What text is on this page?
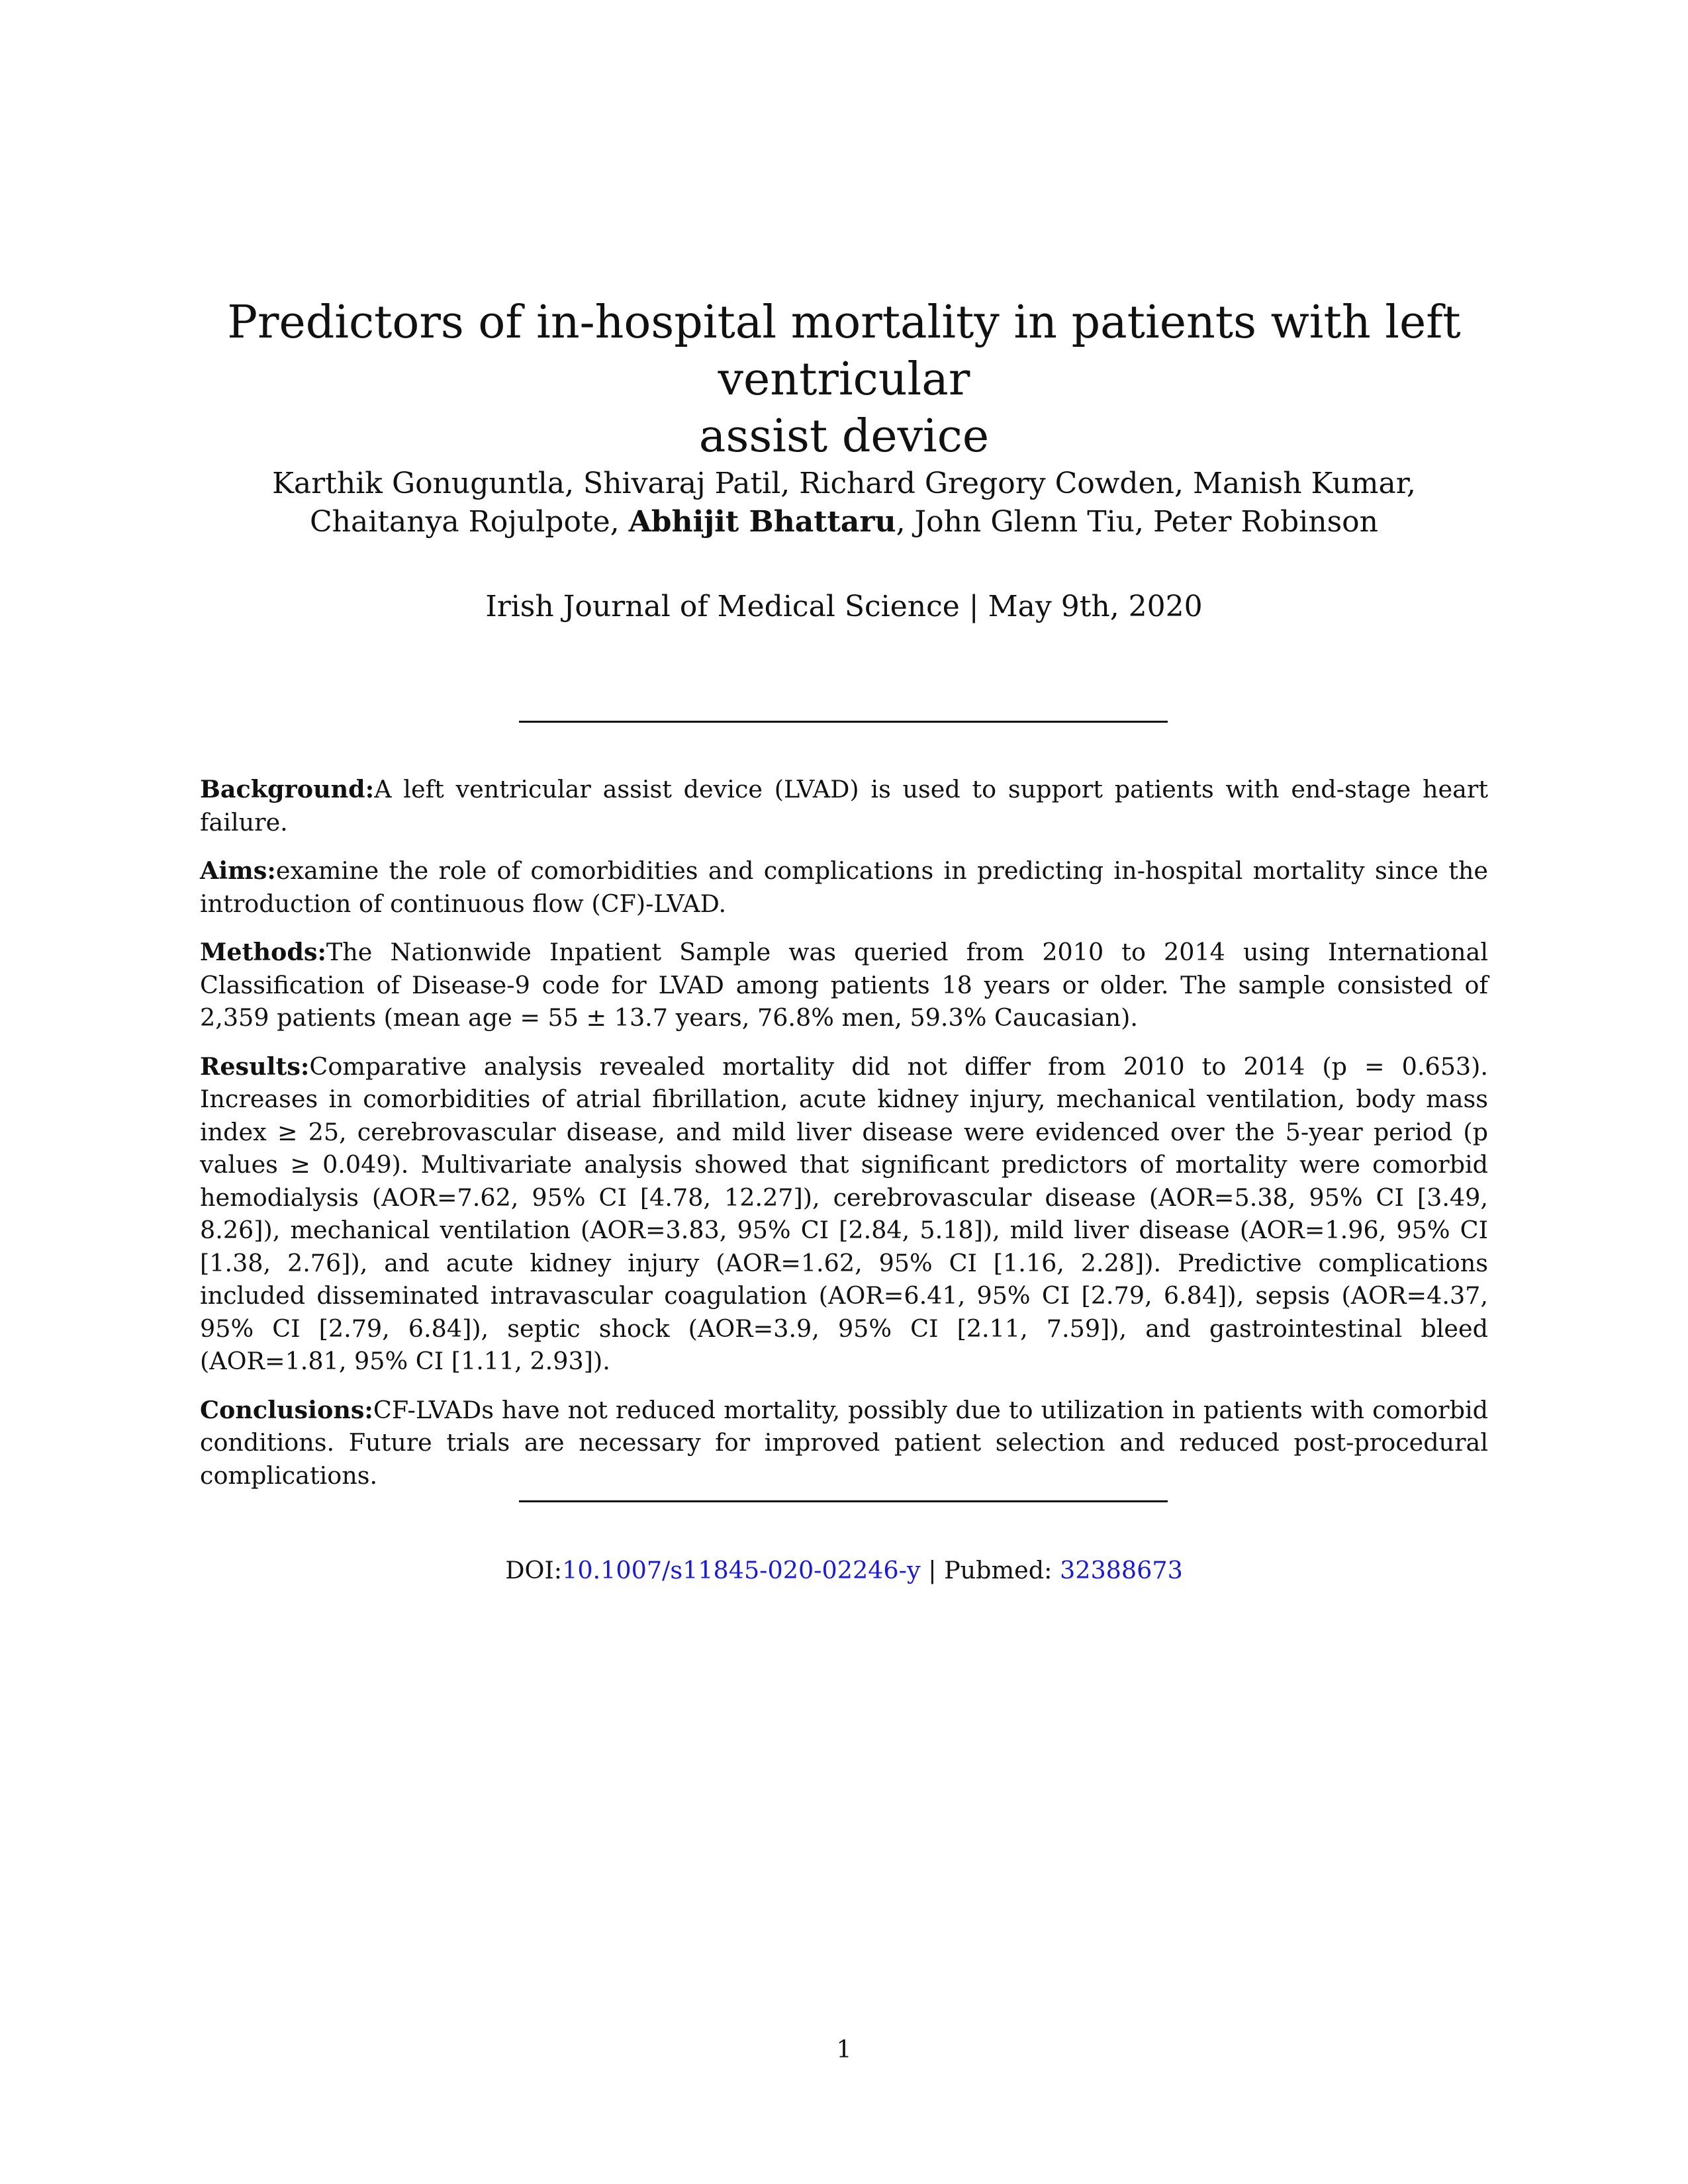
Predictors of in-hospital mortality in patients with left ventricular
assist device
Karthik Gonuguntla, Shivaraj Patil, Richard Gregory Cowden, Manish Kumar,
Chaitanya Rojulpote, Abhijit Bhattaru, John Glenn Tiu, Peter Robinson
Irish Journal of Medical Science | May 9th, 2020

Background:A left ventricular assist device (LVAD) is used to support patients with end-stage heart failure.

Aims:examine the role of comorbidities and complications in predicting in-hospital mortality since the introduction of continuous flow (CF)-LVAD.

Methods:The Nationwide Inpatient Sample was queried from 2010 to 2014 using International Classification of Disease-9 code for LVAD among patients 18 years or older. The sample consisted of 2,359 patients (mean age = 55 ± 13.7 years, 76.8% men, 59.3% Caucasian).

Results:Comparative analysis revealed mortality did not differ from 2010 to 2014 (p = 0.653). Increases in comorbidities of atrial fibrillation, acute kidney injury, mechanical ventilation, body mass index ≥ 25, cerebrovascular disease, and mild liver disease were evidenced over the 5-year period (p values ≥ 0.049). Multivariate analysis showed that significant predictors of mortality were comorbid hemodialysis (AOR=7.62, 95% CI [4.78, 12.27]), cerebrovascular disease (AOR=5.38, 95% CI [3.49, 8.26]), mechanical ventilation (AOR=3.83, 95% CI [2.84, 5.18]), mild liver disease (AOR=1.96, 95% CI [1.38, 2.76]), and acute kidney injury (AOR=1.62, 95% CI [1.16, 2.28]). Predictive complications included disseminated intravascular coagulation (AOR=6.41, 95% CI [2.79, 6.84]), sepsis (AOR=4.37, 95% CI [2.79, 6.84]), septic shock (AOR=3.9, 95% CI [2.11, 7.59]), and gastrointestinal bleed (AOR=1.81, 95% CI [1.11, 2.93]).

Conclusions:CF-LVADs have not reduced mortality, possibly due to utilization in patients with comorbid conditions. Future trials are necessary for improved patient selection and reduced post-procedural complications.

DOI:10.1007/s11845-020-02246-y | Pubmed: 32388673
1
